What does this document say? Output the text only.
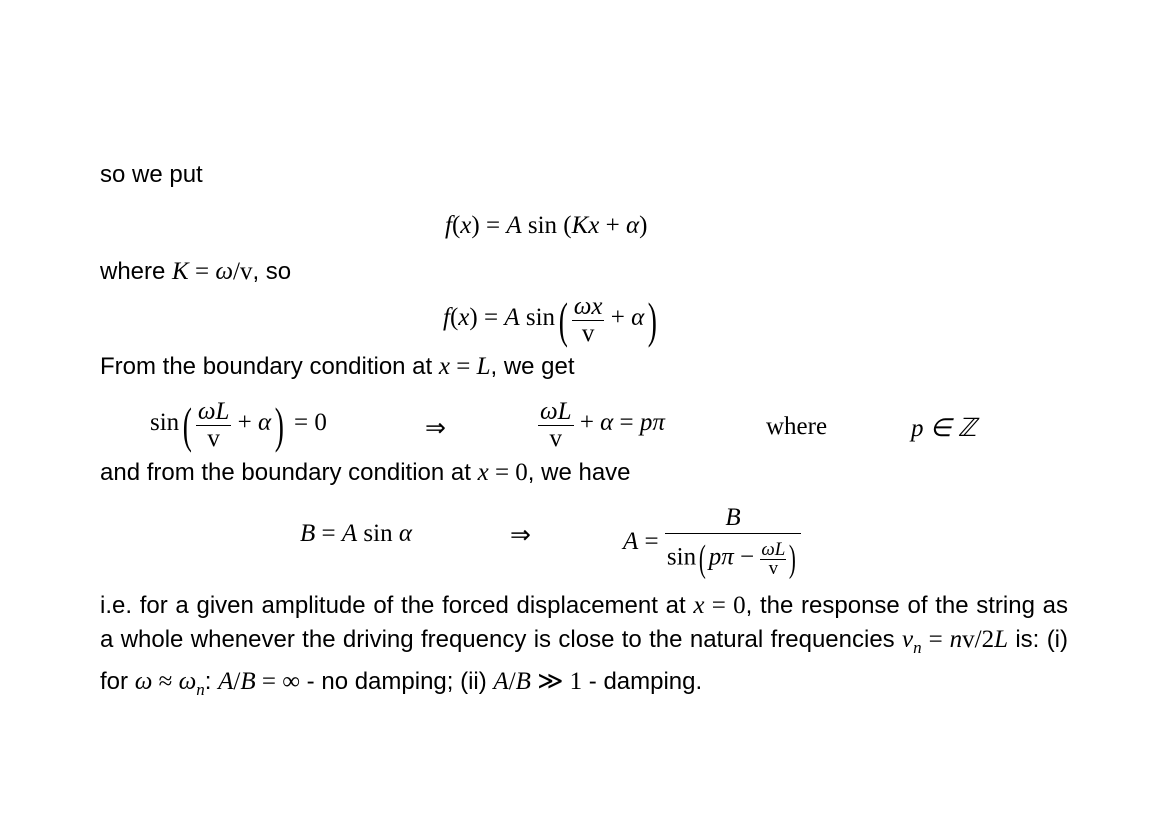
so we put
f(x) = A sin (Kx + α)
where K = ω/v, so
f(x) = A $\sin( \frac{\omega x}{v} + \alpha)$
From the boundary condition at x = L, we get
$\sin( \frac{\omega L}{v} + \alpha) = 0$	⇒	$\frac{\omega L}{v} + \alpha = p\pi$	where	p ∈ ℤ
and from the boundary condition at x = 0, we have
B = A sin α	⇒	$A = \frac{B}{\sin( p\pi - \frac{\omega L}{v} )}$
i.e. for a given amplitude of the forced displacement at x = 0, the response of the string as a whole whenever the driving frequency is close to the natural frequencies $\nu_n = nv/2L$ is: (i) for $\omega \approx \omega_n$: A/B = ∞ - no damping; (ii) A/B ≫ 1 - damping.
